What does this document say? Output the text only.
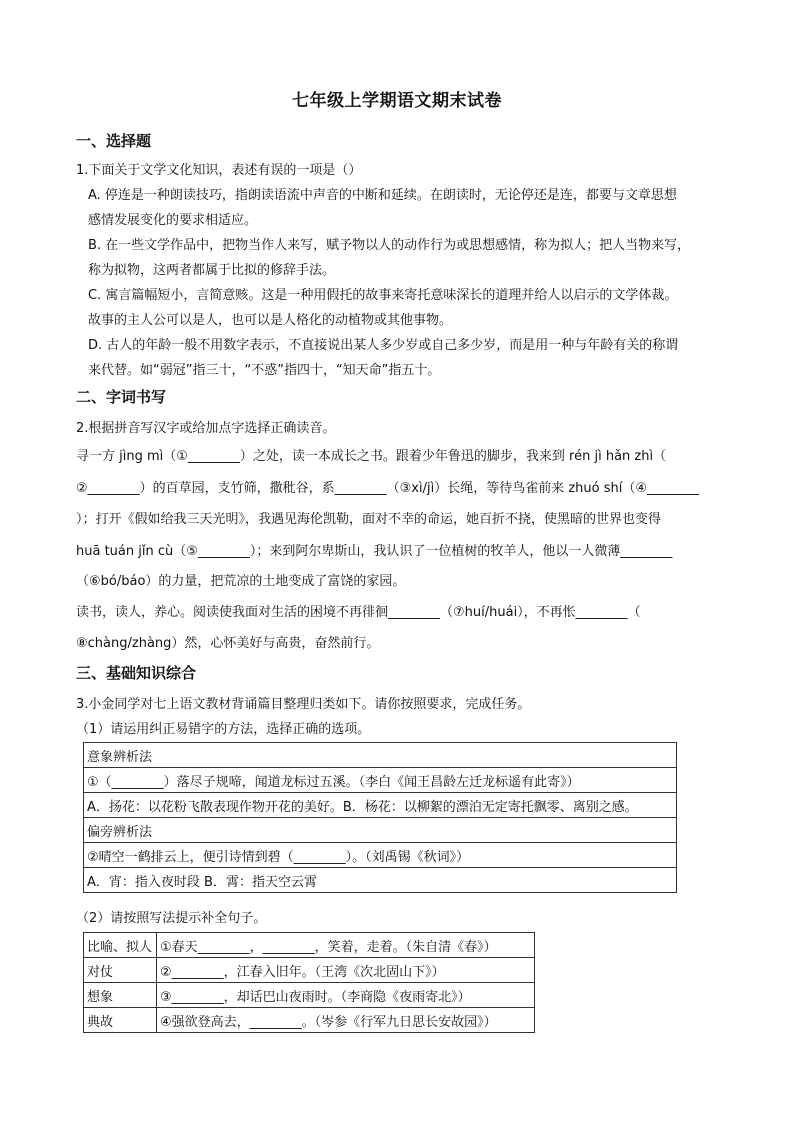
七年级上学期语文期末试卷
一、选择题
1.下面关于文学文化知识，表述有误的一项是（）
A. 停连是一种朗读技巧，指朗读语流中声音的中断和延续。在朗读时，无论停还是连，都要与文章思想
感情发展变化的要求相适应。
B. 在一些文学作品中，把物当作人来写，赋予物以人的动作行为或思想感情，称为拟人；把人当物来写，
称为拟物，这两者都属于比拟的修辞手法。
C. 寓言篇幅短小，言简意赅。这是一种用假托的故事来寄托意味深长的道理并给人以启示的文学体裁。
故事的主人公可以是人，也可以是人格化的动植物或其他事物。
D. 古人的年龄一般不用数字表示，不直接说出某人多少岁或自己多少岁，而是用一种与年龄有关的称谓
来代替。如“弱冠”指三十，“不惑”指四十，“知天命”指五十。
二、字词书写
2.根据拼音写汉字或给加点字选择正确读音。
寻一方 jìng mì（①________）之处，读一本成长之书。跟着少年鲁迅的脚步，我来到 rén jì hǎn zhì（
②________）的百草园，支竹筛，撒秕谷，系________（③xì/jì）长绳，等待鸟雀前来 zhuó shí（④________
）；打开《假如给我三天光明》，我遇见海伦凯勒，面对不幸的命运，她百折不挠，使黑暗的世界也变得
huā tuán jǐn cù（⑤________）；来到阿尔卑斯山，我认识了一位植树的牧羊人，他以一人微薄________
（⑥bó/báo）的力量，把荒凉的土地变成了富饶的家园。
读书，读人，养心。阅读使我面对生活的困境不再徘徊________（⑦huí/huái），不再怅________（
⑧chàng/zhàng）然，心怀美好与高贵，奋然前行。
三、基础知识综合
3.小金同学对七上语文教材背诵篇目整理归类如下。请你按照要求，完成任务。
（1）请运用纠正易错字的方法，选择正确的选项。
意象辨析法
①（________）落尽子规啼，闻道龙标过五溪。（李白《闻王昌龄左迁龙标遥有此寄》）
A．扬花：以花粉飞散表现作物开花的美好。B．杨花：以柳絮的漂泊无定寄托飘零、离别之感。
偏旁辨析法
②晴空一鹤排云上，便引诗情到碧（________）。（刘禹锡《秋词》）
A．宵：指入夜时段 B．霄：指天空云霄
（2）请按照写法提示补全句子。
比喻、拟人	①春天________，________，笑着，走着。（朱自清《春》）
对仗	②________，江春入旧年。（王湾《次北固山下》）
想象	③________，却话巴山夜雨时。（李商隐《夜雨寄北》）
典故	④强欲登高去，________。（岑参《行军九日思长安故园》）
